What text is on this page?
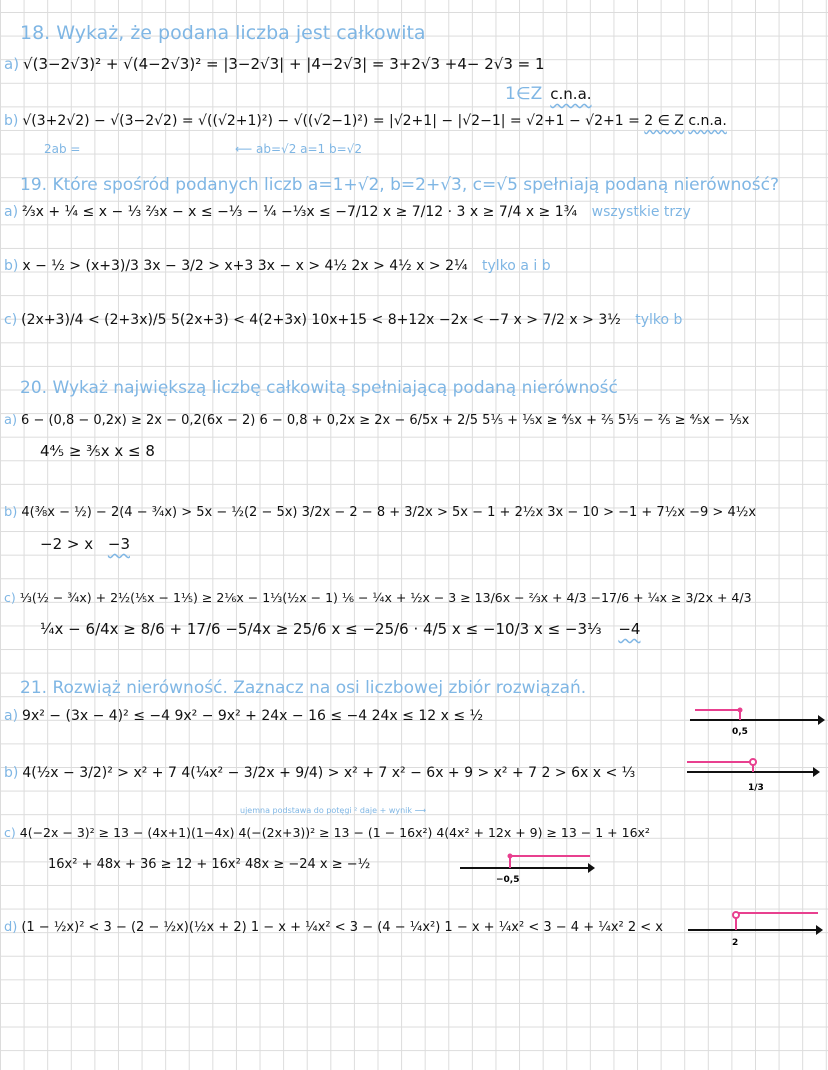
18. Wykaż, że podana liczba jest całkowita
a) √(3−2√3)² + √(4−2√3)² = |3−2√3| + |4−2√3| = 3+2√3 +4− 2√3 = 1
1∈Z c.n.a.
b) √(3+2√2) − √(3−2√2) = √((√2+1)²) − √((√2−1)²) = |√2+1| − |√2−1| = √2+1 − √2+1 = 2 ∈ Z c.n.a.
2ab =	⟵ ab=√2 a=1 b=√2
19. Które spośród podanych liczb a=1+√2, b=2+√3, c=√5 spełniają podaną nierówność?
a) ⅔x + ¼ ≤ x − ⅓ ⅔x − x ≤ −⅓ − ¼ −⅓x ≤ −7/12 x ≥ 7/12 · 3 x ≥ 7/4 x ≥ 1¾ wszystkie trzy
b) x − ½ > (x+3)/3 3x − 3/2 > x+3 3x − x > 4½ 2x > 4½ x > 2¼ tylko a i b
c) (2x+3)/4 < (2+3x)/5 5(2x+3) < 4(2+3x) 10x+15 < 8+12x −2x < −7 x > 7/2 x > 3½ tylko b
20. Wykaż największą liczbę całkowitą spełniającą podaną nierówność
a) 6 − (0,8 − 0,2x) ≥ 2x − 0,2(6x − 2) 6 − 0,8 + 0,2x ≥ 2x − 6/5x + 2/5 5⅕ + ⅕x ≥ ⅘x + ⅖ 5⅕ − ⅖ ≥ ⅘x − ⅕x
4⅘ ≥ ⅗x x ≤ 8
b) 4(⅜x − ½) − 2(4 − ¾x) > 5x − ½(2 − 5x) 3/2x − 2 − 8 + 3/2x > 5x − 1 + 2½x 3x − 10 > −1 + 7½x −9 > 4½x
−2 > x −3
c) ⅓(½ − ¾x) + 2½(⅕x − 1⅕) ≥ 2⅙x − 1⅓(½x − 1) ⅙ − ¼x + ½x − 3 ≥ 13/6x − ⅔x + 4/3 −17/6 + ¼x ≥ 3/2x + 4/3
¼x − 6/4x ≥ 8/6 + 17/6 −5/4x ≥ 25/6 x ≤ −25/6 · 4/5 x ≤ −10/3 x ≤ −3⅓ −4
21. Rozwiąż nierówność. Zaznacz na osi liczbowej zbiór rozwiązań.
a) 9x² − (3x − 4)² ≤ −4 9x² − 9x² + 24x − 16 ≤ −4 24x ≤ 12 x ≤ ½
0,5
b) 4(½x − 3/2)² > x² + 7 4(¼x² − 3/2x + 9/4) > x² + 7 x² − 6x + 9 > x² + 7 2 > 6x x < ⅓
1/3
ujemna podstawa do potęgi ² daje + wynik ⟶
c) 4(−2x − 3)² ≥ 13 − (4x+1)(1−4x) 4(−(2x+3))² ≥ 13 − (1 − 16x²) 4(4x² + 12x + 9) ≥ 13 − 1 + 16x²
16x² + 48x + 36 ≥ 12 + 16x² 48x ≥ −24 x ≥ −½
−0,5
d) (1 − ½x)² < 3 − (2 − ½x)(½x + 2) 1 − x + ¼x² < 3 − (4 − ¼x²) 1 − x + ¼x² < 3 − 4 + ¼x² 2 < x
2
